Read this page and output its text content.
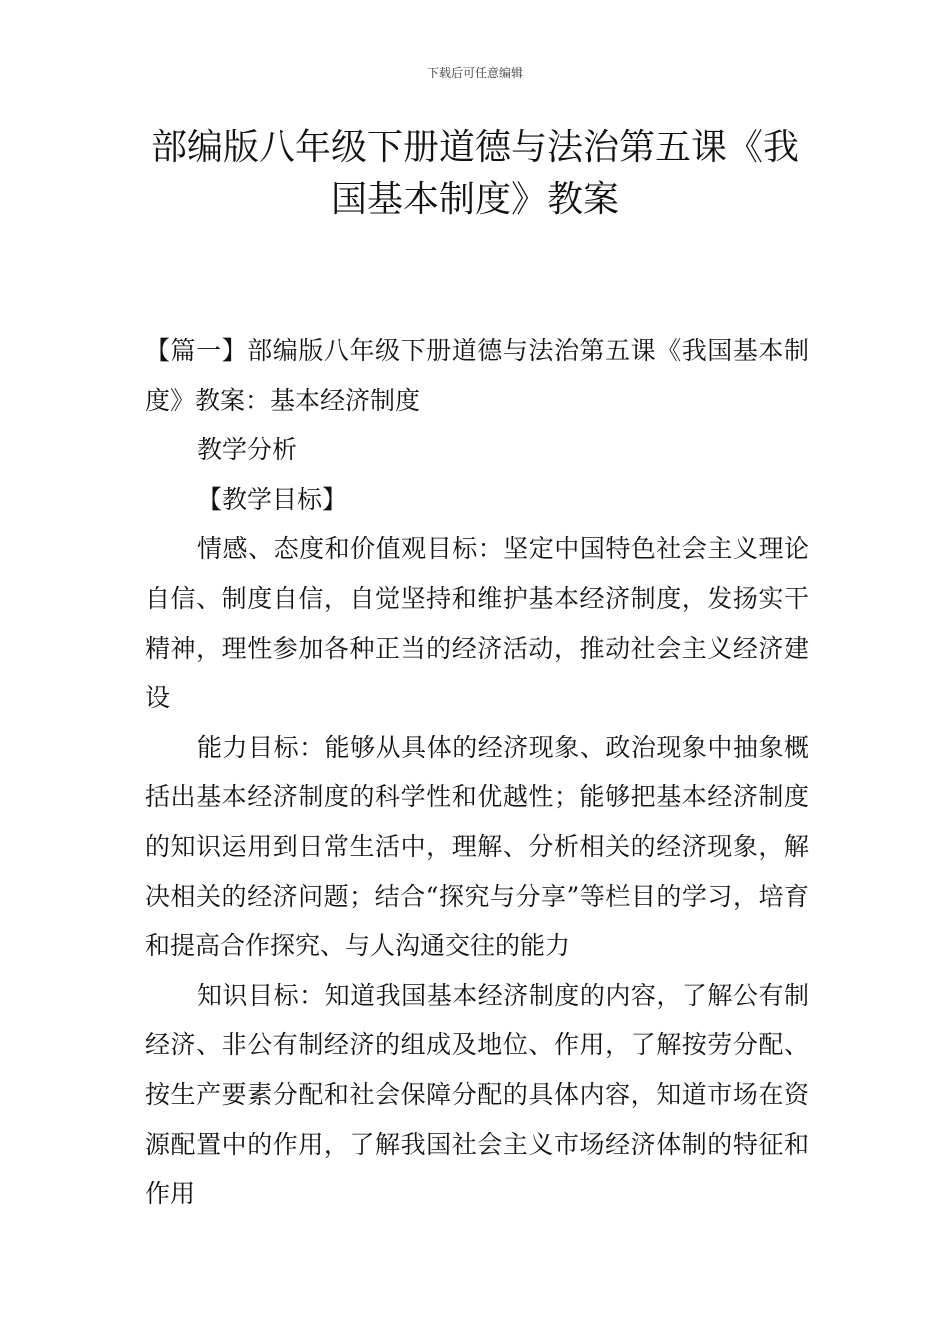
下载后可任意编辑
部编版八年级下册道德与法治第五课《我国基本制度》教案

【篇一】部编版八年级下册道德与法治第五课《我国基本制度》教案：基本经济制度

教学分析

【教学目标】

情感、态度和价值观目标：坚定中国特色社会主义理论自信、制度自信，自觉坚持和维护基本经济制度，发扬实干精神，理性参加各种正当的经济活动，推动社会主义经济建设

能力目标：能够从具体的经济现象、政治现象中抽象概括出基本经济制度的科学性和优越性；能够把基本经济制度的知识运用到日常生活中，理解、分析相关的经济现象，解决相关的经济问题；结合“探究与分享”等栏目的学习，培育和提高合作探究、与人沟通交往的能力

知识目标：知道我国基本经济制度的内容，了解公有制经济、非公有制经济的组成及地位、作用，了解按劳分配、按生产要素分配和社会保障分配的具体内容，知道市场在资源配置中的作用，了解我国社会主义市场经济体制的特征和作用
